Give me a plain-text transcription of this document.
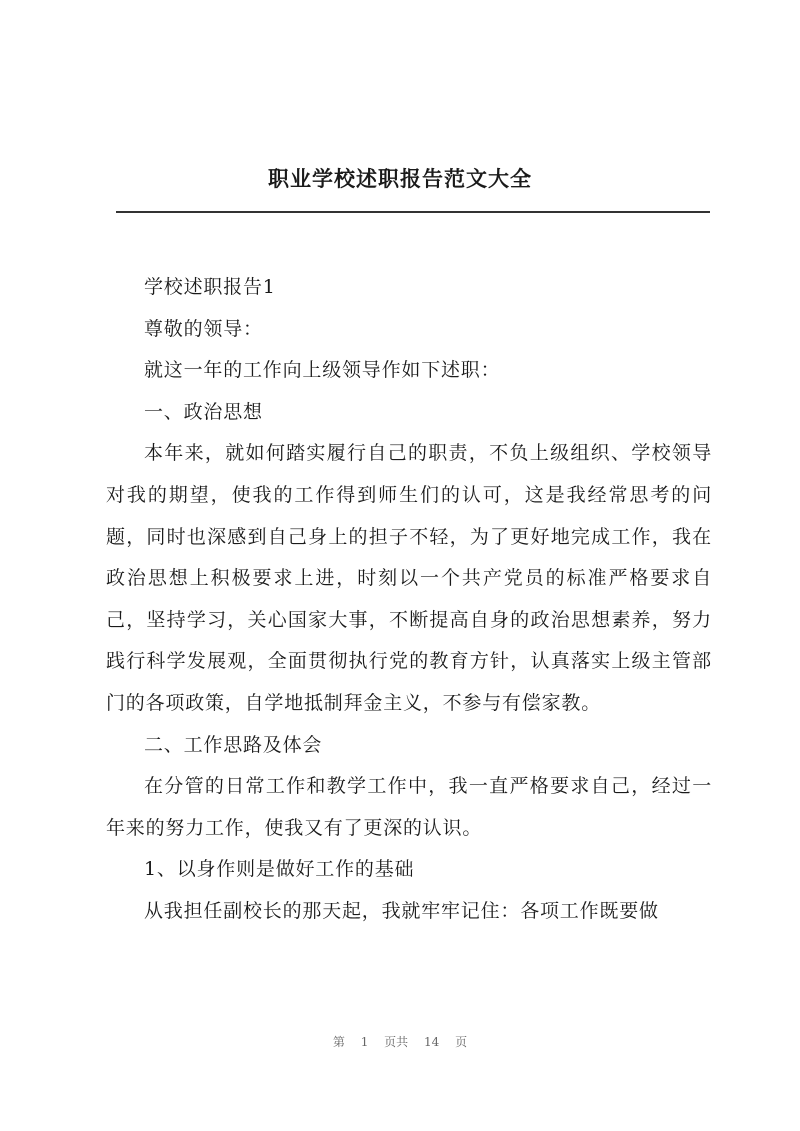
职业学校述职报告范文大全

学校述职报告1

尊敬的领导：

就这一年的工作向上级领导作如下述职：

一、政治思想

本年来，就如何踏实履行自己的职责，不负上级组织、学校领导对我的期望，使我的工作得到师生们的认可，这是我经常思考的问题，同时也深感到自己身上的担子不轻，为了更好地完成工作，我在政治思想上积极要求上进，时刻以一个共产党员的标准严格要求自己，坚持学习，关心国家大事，不断提高自身的政治思想素养，努力践行科学发展观，全面贯彻执行党的教育方针，认真落实上级主管部门的各项政策，自学地抵制拜金主义，不参与有偿家教。

二、工作思路及体会

在分管的日常工作和教学工作中，我一直严格要求自己，经过一年来的努力工作，使我又有了更深的认识。

1、以身作则是做好工作的基础

从我担任副校长的那天起，我就牢牢记住：各项工作既要做

第 1 页共 14 页
